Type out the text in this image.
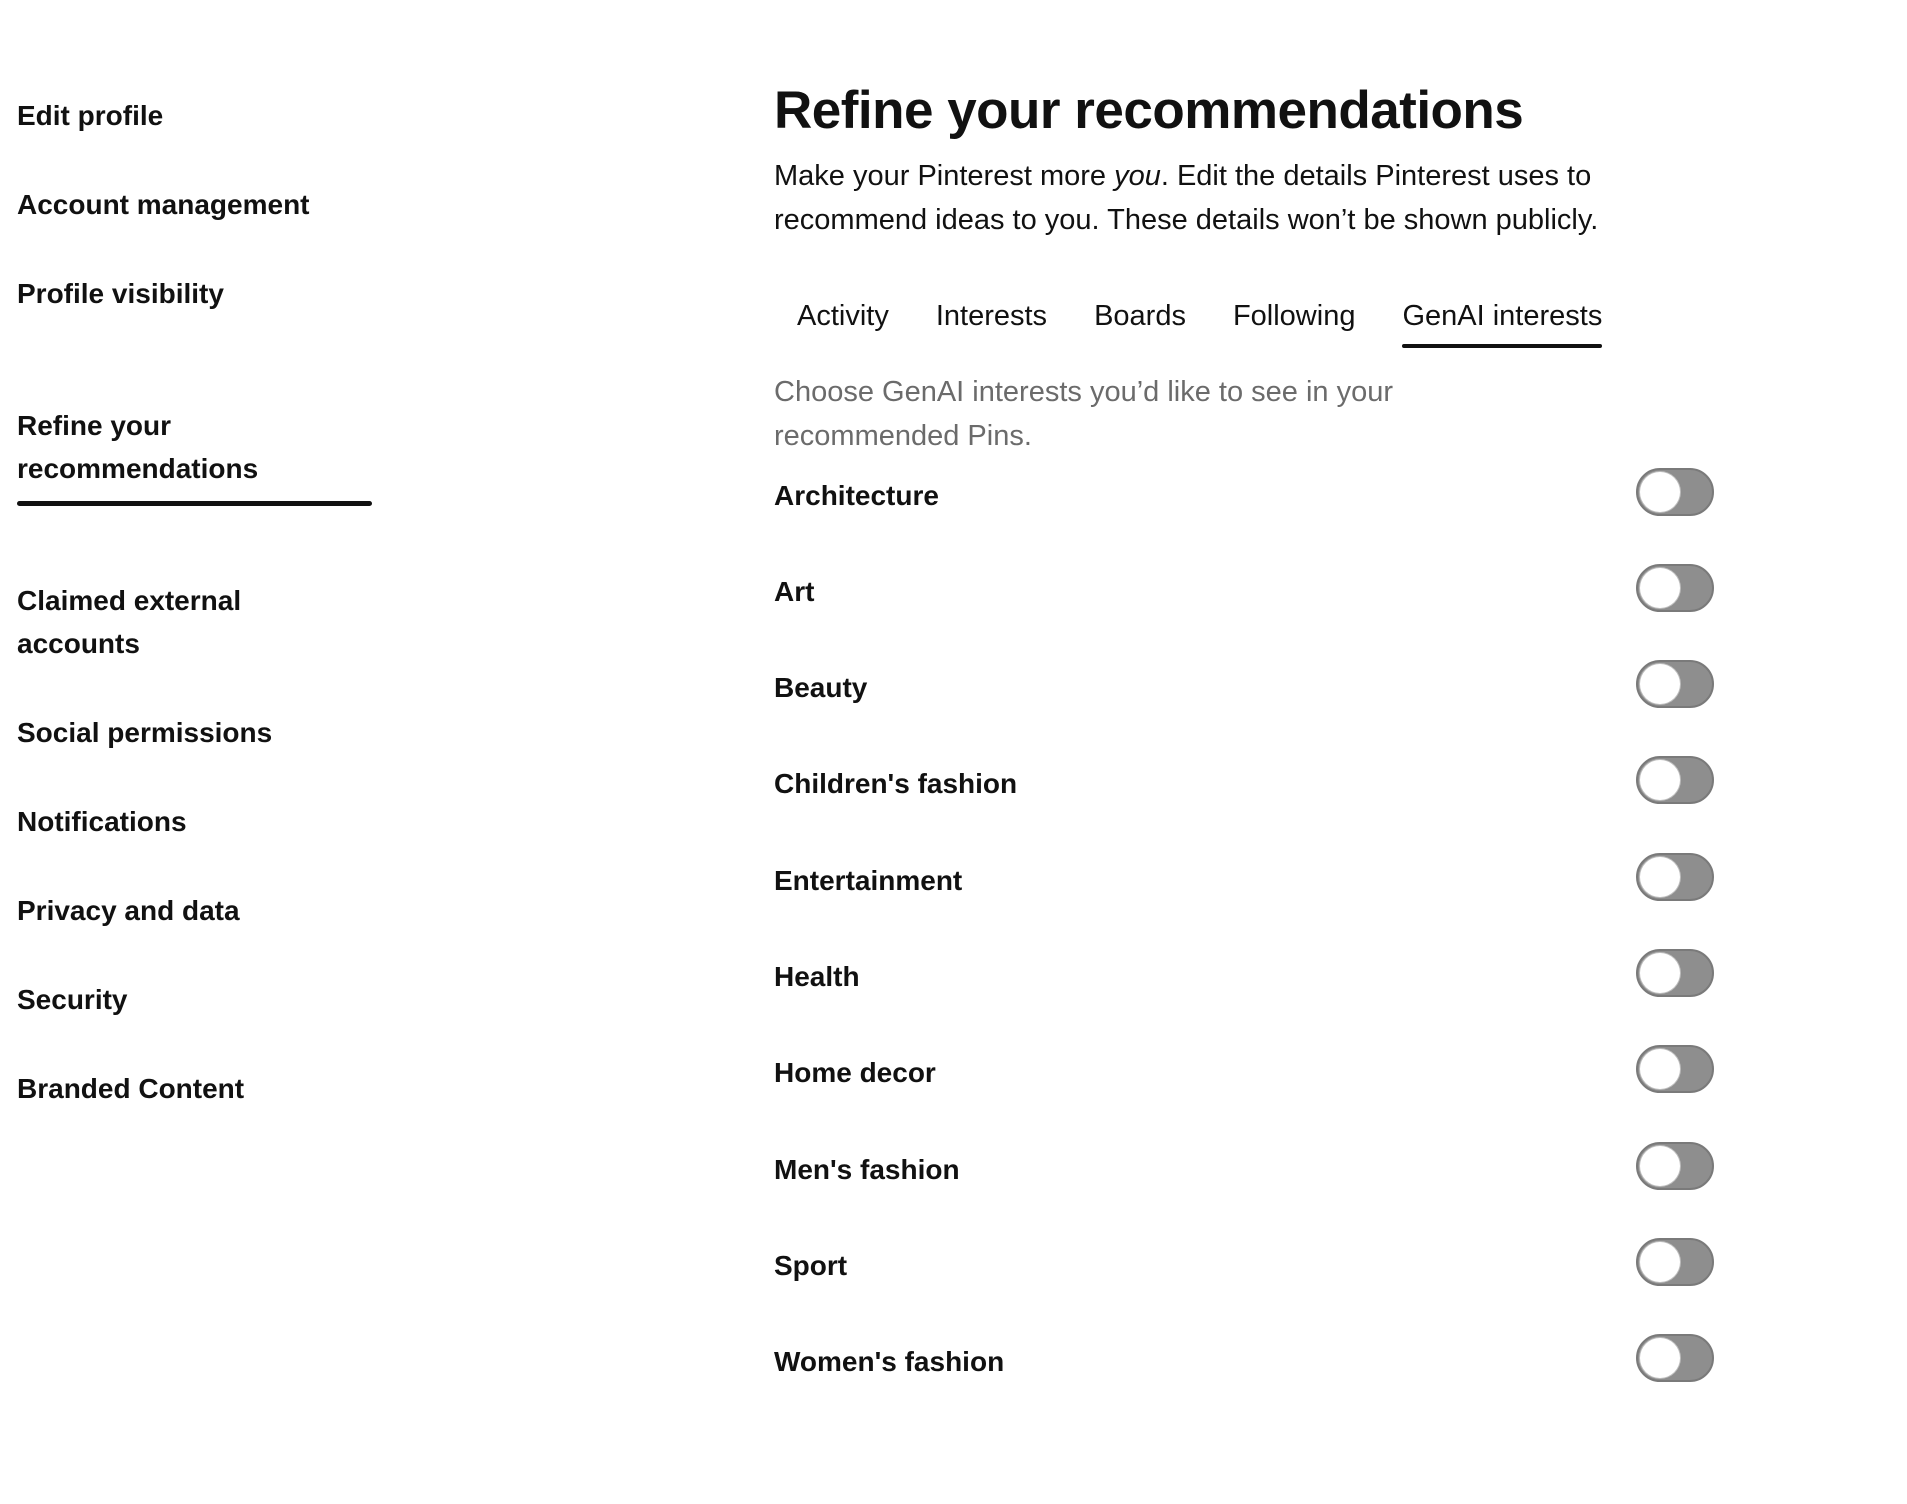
Edit profile
Account management
Profile visibility

Refine your
recommendations

Claimed external
accounts

Social permissions
Notifications
Privacy and data
Security
Branded Content
Refine your recommendations

Make your Pinterest more you. Edit the details Pinterest uses to recommend ideas to you. These details won’t be shown publicly.

Activity Interests Boards Following GenAI interests

Choose GenAI interests you’d like to see in your recommended Pins.

Architecture
Art
Beauty
Children's fashion
Entertainment
Health
Home decor
Men's fashion
Sport
Women's fashion
